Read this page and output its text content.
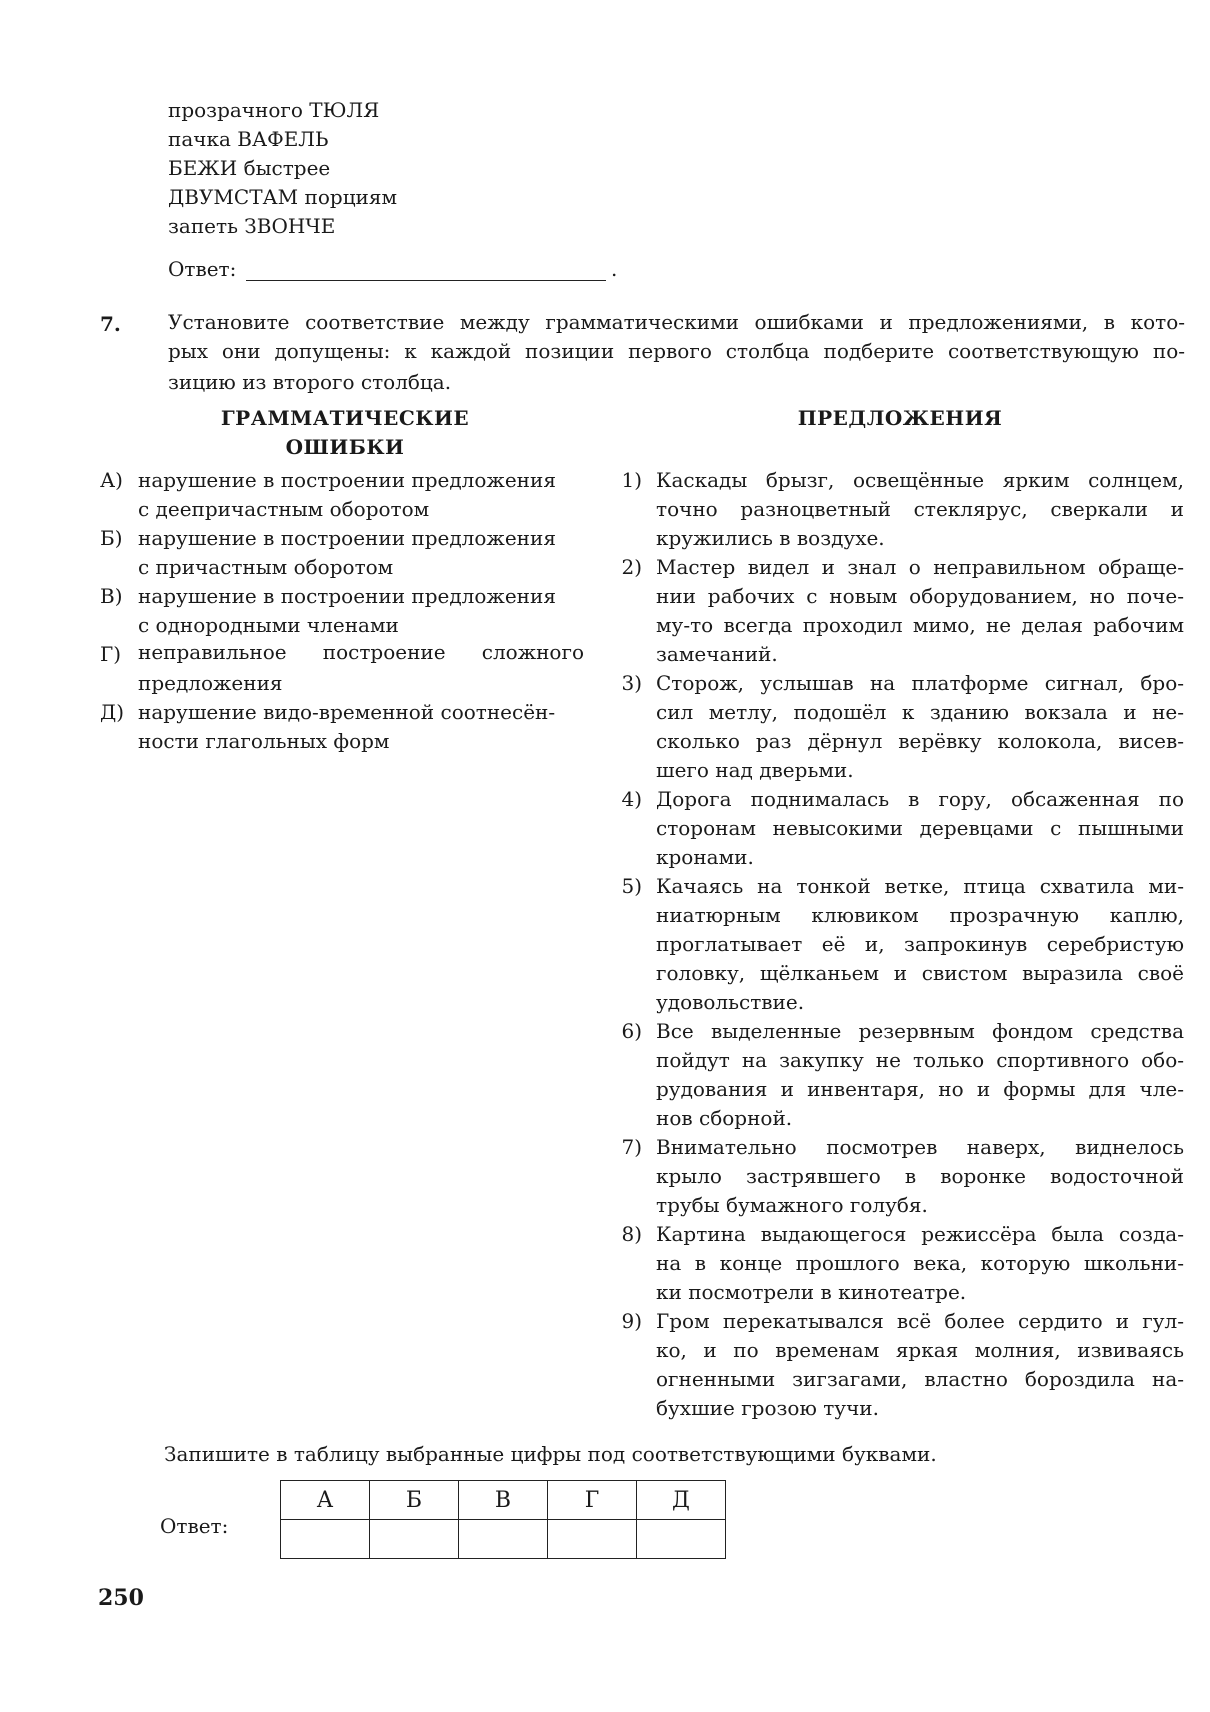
прозрачного ТЮЛЯ
пачка ВАФЕЛЬ
БЕЖИ быстрее
ДВУМСТАМ порциям
запеть ЗВОНЧЕ
Ответ:	.
7. Установите соответствие между грамматическими ошибками и предложениями, в кото-
рых они допущены: к каждой позиции первого столбца подберите соответствующую по-
зицию из второго столбца.
ГРАММАТИЧЕСКИЕ
ОШИБКИ
ПРЕДЛОЖЕНИЯ
А) нарушение в построении предложения
с деепричастным оборотом
Б) нарушение в построении предложения
с причастным оборотом
В) нарушение в построении предложения
с однородными членами
Г) неправильное построение сложного
предложения
Д) нарушение видо-временной соотнесён-
ности глагольных форм
1) Каскады брызг, освещённые ярким солнцем,
точно разноцветный стеклярус, сверкали и
кружились в воздухе.
2) Мастер видел и знал о неправильном обраще-
нии рабочих с новым оборудованием, но поче-
му-то всегда проходил мимо, не делая рабочим
замечаний.
3) Сторож, услышав на платформе сигнал, бро-
сил метлу, подошёл к зданию вокзала и не-
сколько раз дёрнул верёвку колокола, висев-
шего над дверьми.
4) Дорога поднималась в гору, обсаженная по
сторонам невысокими деревцами с пышными
кронами.
5) Качаясь на тонкой ветке, птица схватила ми-
ниатюрным клювиком прозрачную каплю,
проглатывает её и, запрокинув серебристую
головку, щёлканьем и свистом выразила своё
удовольствие.
6) Все выделенные резервным фондом средства
пойдут на закупку не только спортивного обо-
рудования и инвентаря, но и формы для чле-
нов сборной.
7) Внимательно посмотрев наверх, виднелось
крыло застрявшего в воронке водосточной
трубы бумажного голубя.
8) Картина выдающегося режиссёра была созда-
на в конце прошлого века, которую школьни-
ки посмотрели в кинотеатре.
9) Гром перекатывался всё более сердито и гул-
ко, и по временам яркая молния, извиваясь
огненными зигзагами, властно бороздила на-
бухшие грозою тучи.
Запишите в таблицу выбранные цифры под соответствующими буквами.
Ответ:
А	Б	В	Г	Д

250
